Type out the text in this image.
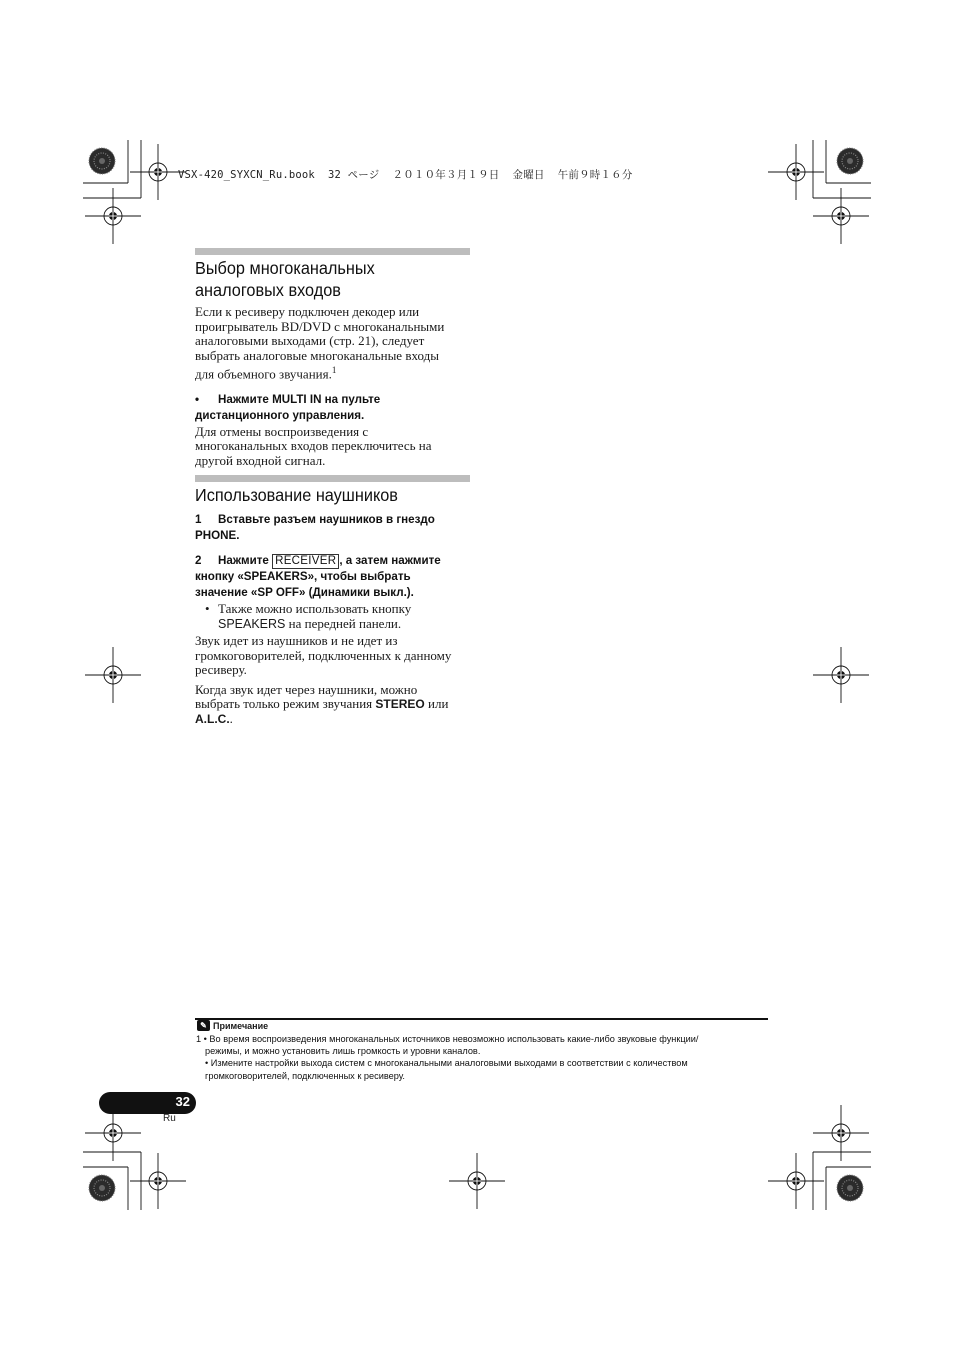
VSX-420_SYXCN_Ru.book  32 ページ  ２０１０年３月１９日  金曜日  午前９時１６分
Выбор многоканальных
аналоговых входов

Если к ресиверу подключен декодер или
проигрыватель BD/DVD с многоканальными
аналоговыми выходами (стр. 21), следует
выбрать аналоговые многоканальные входы
для объемного звучания.$^1$

• Нажмите MULTI IN на пульте
дистанционного управления.

Для отмены воспроизведения с
многоканальных входов переключитесь на
другой входной сигнал.

Использование наушников

1 Вставьте разъем наушников в гнездо
PHONE.

2 Нажмите RECEIVER , а затем нажмите
кнопку «SPEAKERS», чтобы выбрать
значение «SP OFF» (Динамики выкл.).

• Также можно использовать кнопку
SPEAKERS на передней панели.

Звук идет из наушников и не идет из
громкоговорителей, подключенных к данному
ресиверу.

Когда звук идет через наушники, можно
выбрать только режим звучания STEREO или
A.L.C..

✎ Примечание

1 • Во время воспроизведения многоканальных источников невозможно использовать какие-либо звуковые функции/

режимы, и можно установить лишь громкость и уровни каналов.

• Измените настройки выхода систем с многоканальными аналоговыми выходами в соответствии с количеством

громкоговорителей, подключенных к ресиверу.

32
Ru
